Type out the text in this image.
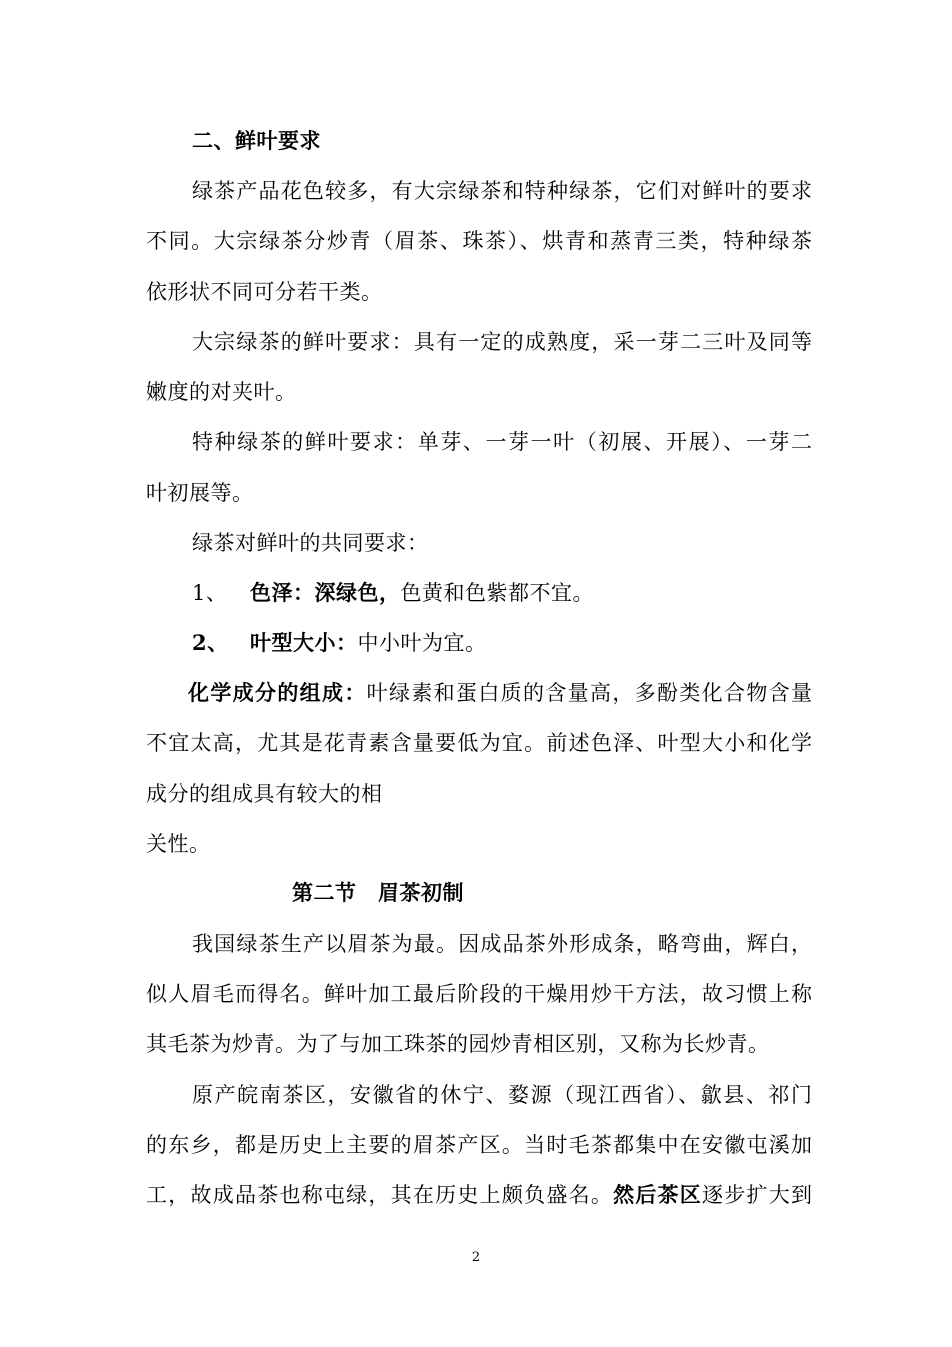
二、鲜叶要求
绿茶产品花色较多，有大宗绿茶和特种绿茶，它们对鲜叶的要求
不同。大宗绿茶分炒青（眉茶、珠茶）、烘青和蒸青三类，特种绿茶
依形状不同可分若干类。
大宗绿茶的鲜叶要求：具有一定的成熟度，采一芽二三叶及同等
嫩度的对夹叶。
特种绿茶的鲜叶要求：单芽、一芽一叶（初展、开展）、一芽二
叶初展等。
绿茶对鲜叶的共同要求：
1、 色泽：深绿色，色黄和色紫都不宜。
2、 叶型大小：中小叶为宜。
化学成分的组成：叶绿素和蛋白质的含量高，多酚类化合物含量
不宜太高，尤其是花青素含量要低为宜。前述色泽、叶型大小和化学
成分的组成具有较大的相
关性。
第二节　眉茶初制
我国绿茶生产以眉茶为最。因成品茶外形成条，略弯曲，辉白，
似人眉毛而得名。鲜叶加工最后阶段的干燥用炒干方法，故习惯上称
其毛茶为炒青。为了与加工珠茶的园炒青相区别，又称为长炒青。
原产皖南茶区，安徽省的休宁、婺源（现江西省）、歙县、祁门
的东乡，都是历史上主要的眉茶产区。当时毛茶都集中在安徽屯溪加
工，故成品茶也称屯绿，其在历史上颇负盛名。然后茶区逐步扩大到
2
